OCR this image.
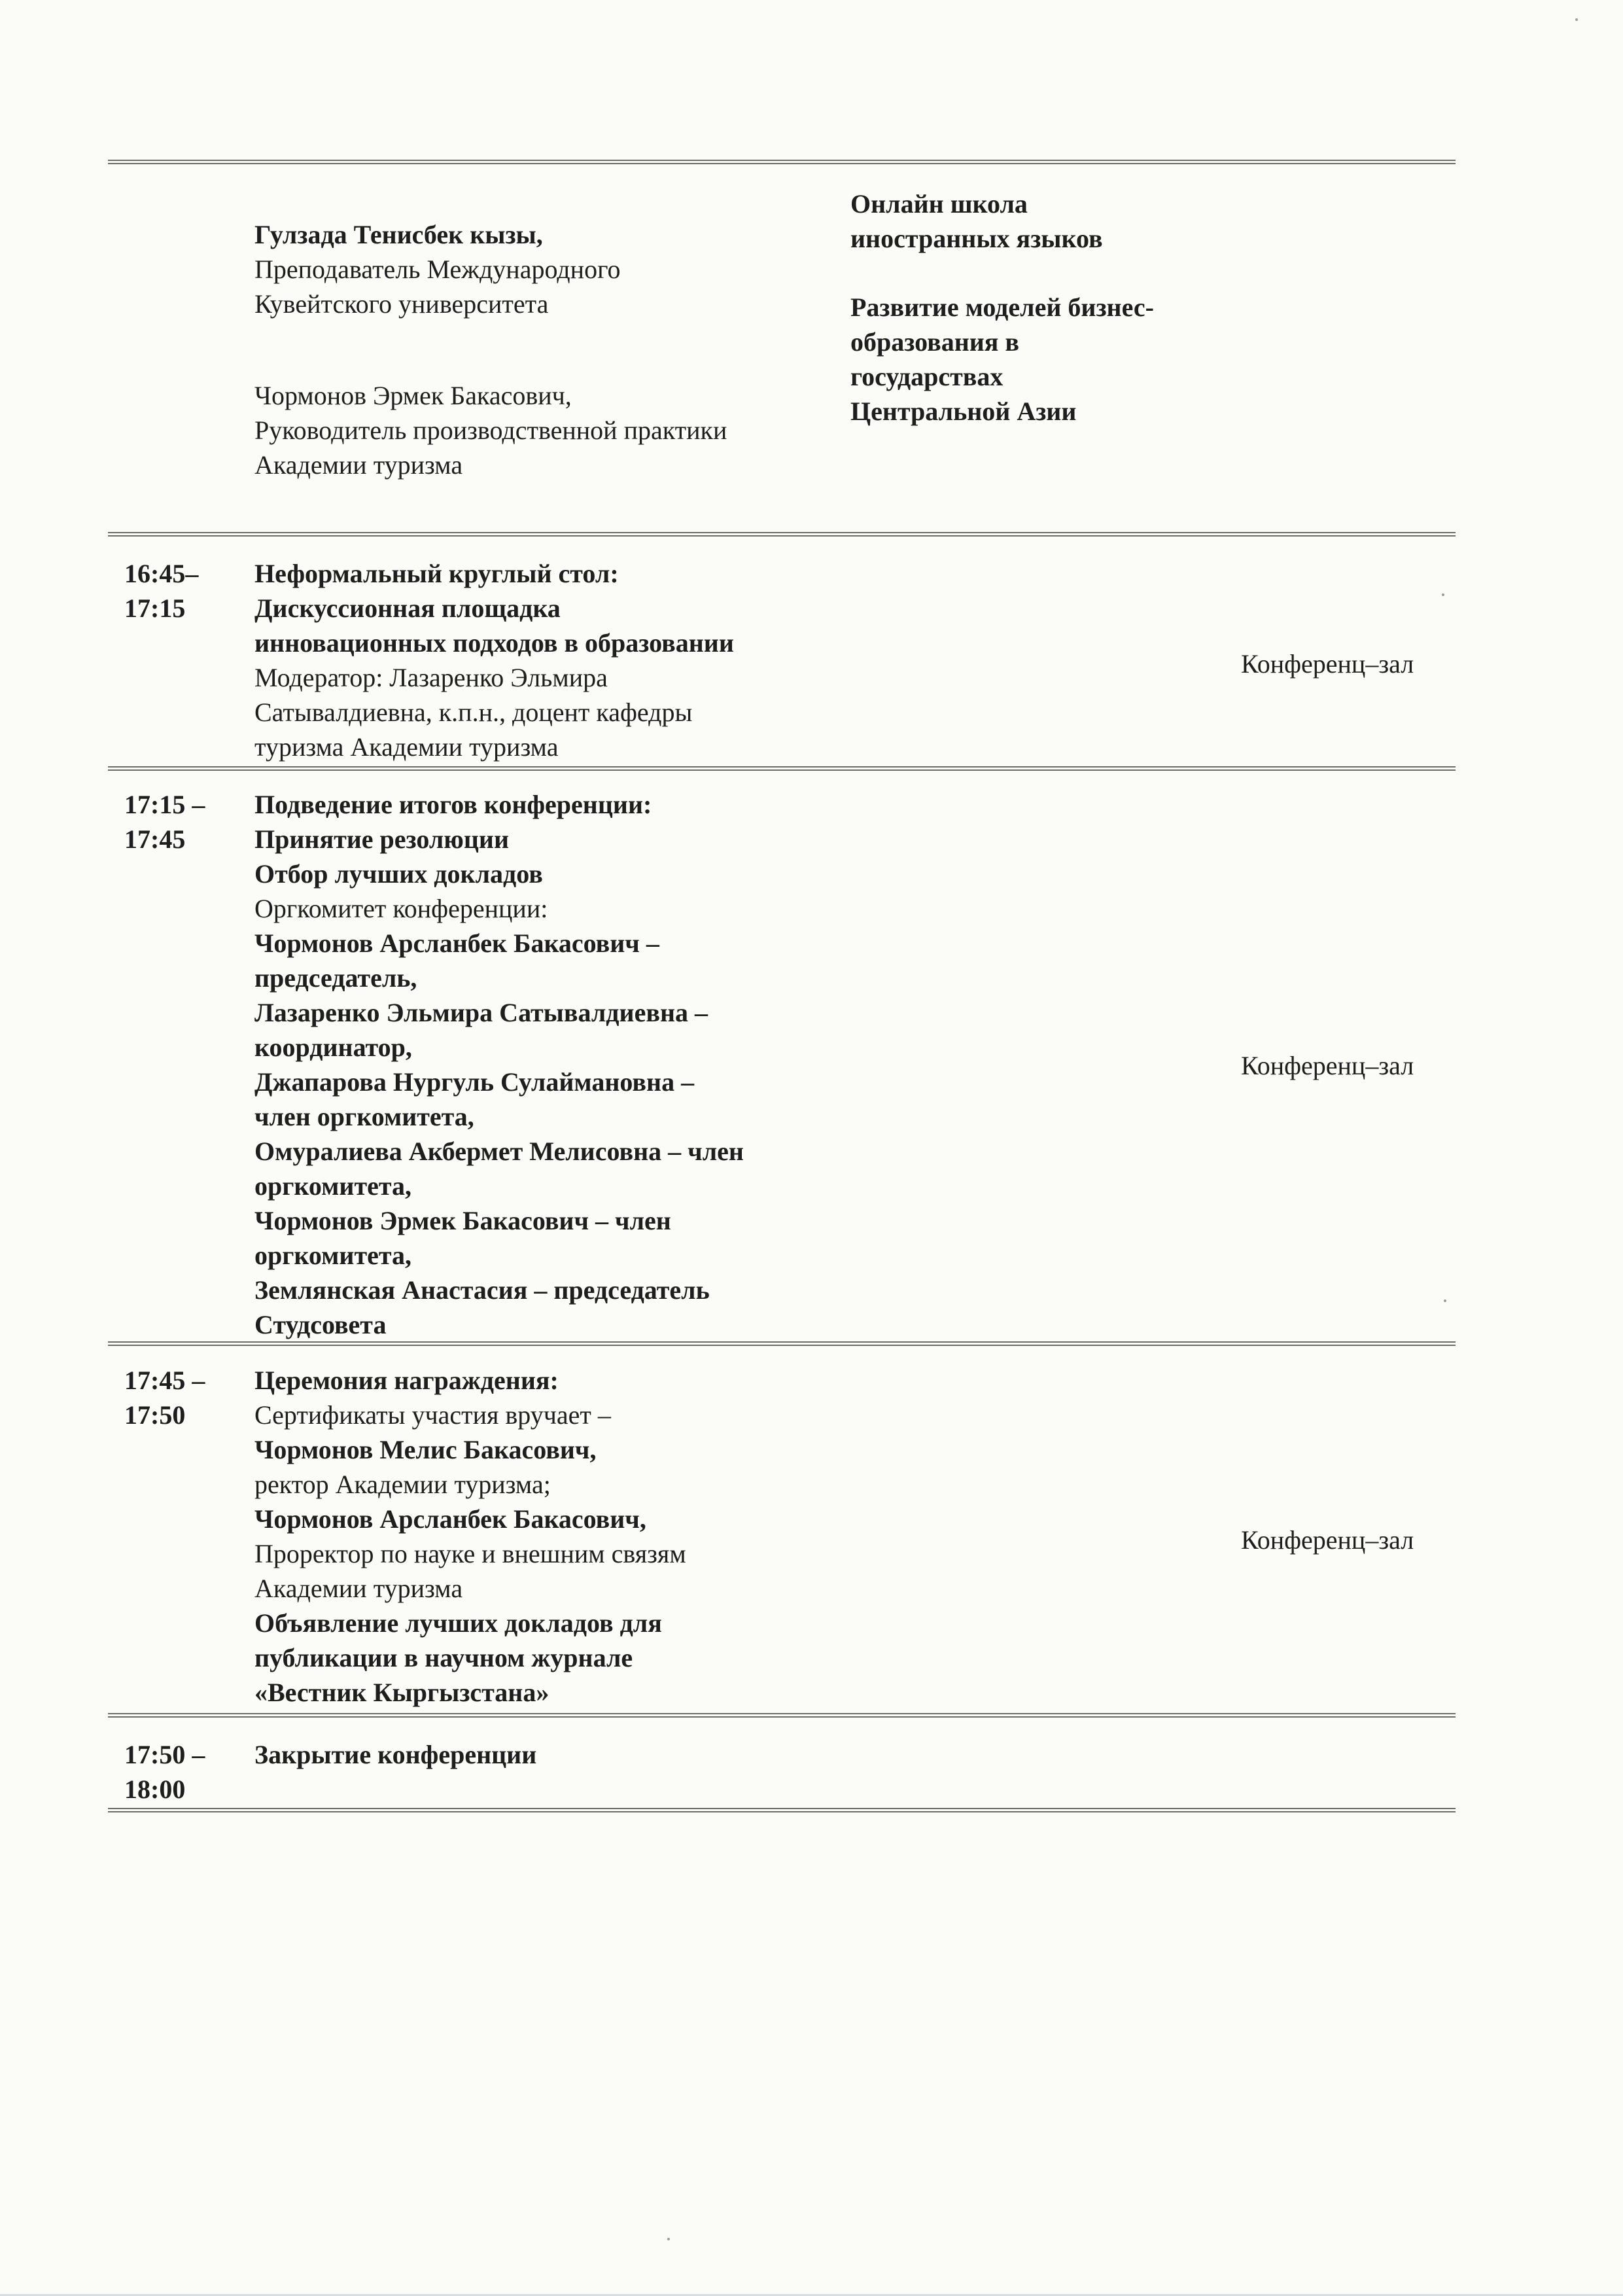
Гулзада Тенисбек кызы,
Преподаватель Международного
Кувейтского университета
Чормонов Эрмек Бакасович,
Руководитель производственной практики
Академии туризма
Онлайн школа
иностранных языков
Развитие моделей бизнес-
образования в
государствах
Центральной Азии
16:45–
17:15
Неформальный круглый стол:
Дискуссионная площадка
инновационных подходов в образовании
Модератор: Лазаренко Эльмира
Сатывалдиевна, к.п.н., доцент кафедры
туризма Академии туризма
Конференц–зал
17:15 –
17:45
Подведение итогов конференции:
Принятие резолюции
Отбор лучших докладов
Оргкомитет конференции:
Чормонов Арсланбек Бакасович –
председатель,
Лазаренко Эльмира Сатывалдиевна –
координатор,
Джапарова Нургуль Сулаймановна –
член оргкомитета,
Омуралиева Акбермет Мелисовна – член
оргкомитета,
Чормонов Эрмек Бакасович – член
оргкомитета,
Землянская Анастасия – председатель
Студсовета
Конференц–зал
17:45 –
17:50
Церемония награждения:
Сертификаты участия вручает –
Чормонов Мелис Бакасович,
ректор Академии туризма;
Чормонов Арсланбек Бакасович,
Проректор по науке и внешним связям
Академии туризма
Объявление лучших докладов для
публикации в научном журнале
«Вестник Кыргызстана»
Конференц–зал
17:50 –
18:00
Закрытие конференции
